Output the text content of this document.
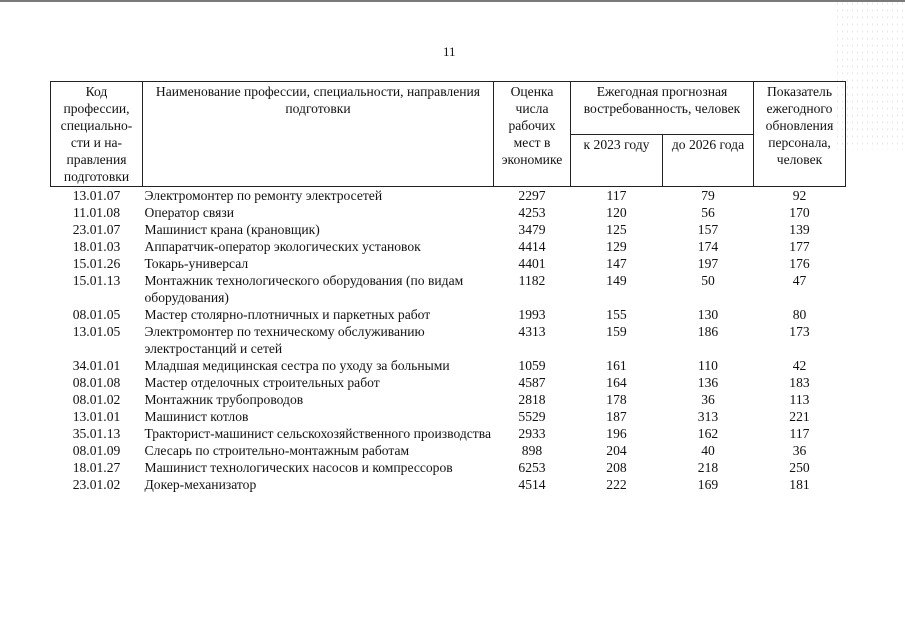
11
Код профессии, специально-сти и на-правления подготовки	Наименование профессии, специальности, направления подготовки	Оценка числа рабочих мест в экономике	Ежегодная прогнозная востребованность, человек		Показатель ежегодного обновления персонала, человек
			к 2023 году	до 2026 года	
13.01.07	Электромонтер по ремонту электросетей	2297	117	79	92
11.01.08	Оператор связи	4253	120	56	170
23.01.07	Машинист крана (крановщик)	3479	125	157	139
18.01.03	Аппаратчик-оператор экологических установок	4414	129	174	177
15.01.26	Токарь-универсал	4401	147	197	176
15.01.13	Монтажник технологического оборудования (по видам оборудования)	1182	149	50	47
08.01.05	Мастер столярно-плотничных и паркетных работ	1993	155	130	80
13.01.05	Электромонтер по техническому обслуживанию электростанций и сетей	4313	159	186	173
34.01.01	Младшая медицинская сестра по уходу за больными	1059	161	110	42
08.01.08	Мастер отделочных строительных работ	4587	164	136	183
08.01.02	Монтажник трубопроводов	2818	178	36	113
13.01.01	Машинист котлов	5529	187	313	221
35.01.13	Тракторист-машинист сельскохозяйственного производства	2933	196	162	117
08.01.09	Слесарь по строительно-монтажным работам	898	204	40	36
18.01.27	Машинист технологических насосов и компрессоров	6253	208	218	250
23.01.02	Докер-механизатор	4514	222	169	181
